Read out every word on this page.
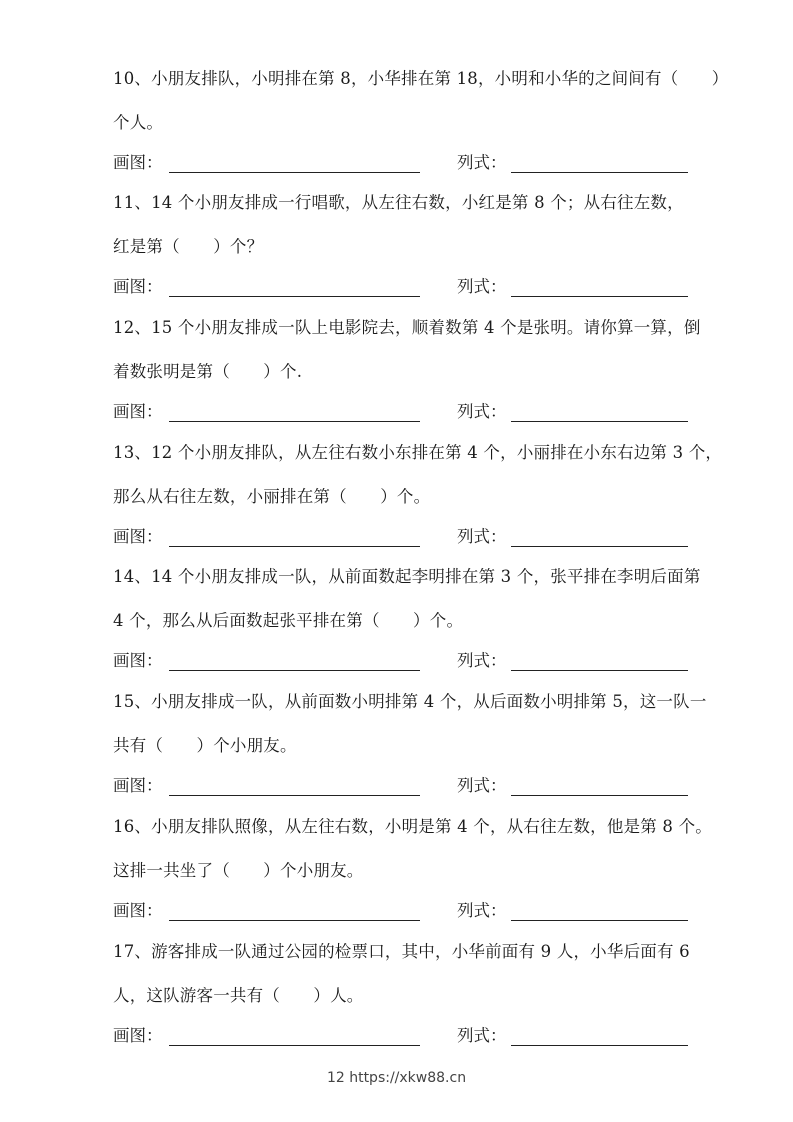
10、小朋友排队，小明排在第 8，小华排在第 18，小明和小华的之间间有（　　）
个人。
画图：	列式：
11、14 个小朋友排成一行唱歌，从左往右数，小红是第 8 个；从右往左数，
红是第（　　）个？
画图：	列式：
12、15 个小朋友排成一队上电影院去，顺着数第 4 个是张明。请你算一算，倒
着数张明是第（　　）个.
画图：	列式：
13、12 个小朋友排队，从左往右数小东排在第 4 个，小丽排在小东右边第 3 个，
那么从右往左数，小丽排在第（　　）个。
画图：	列式：
14、14 个小朋友排成一队，从前面数起李明排在第 3 个，张平排在李明后面第
4 个，那么从后面数起张平排在第（　　）个。
画图：	列式：
15、小朋友排成一队，从前面数小明排第 4 个，从后面数小明排第 5，这一队一
共有（　　）个小朋友。
画图：	列式：
16、小朋友排队照像，从左往右数，小明是第 4 个，从右往左数，他是第 8 个。
这排一共坐了（　　）个小朋友。
画图：	列式：
17、游客排成一队通过公园的检票口，其中，小华前面有 9 人，小华后面有 6
人，这队游客一共有（　　）人。
画图：	列式：
12 https://xkw88.cn
